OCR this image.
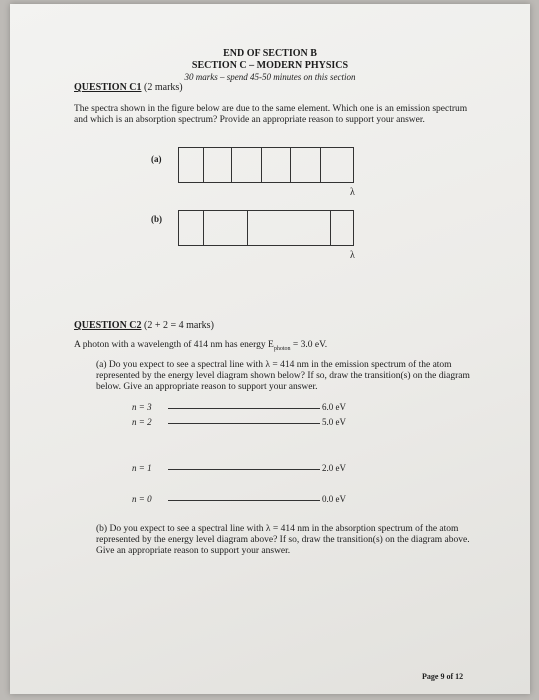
END OF SECTION B
SECTION C – MODERN PHYSICS
30 marks – spend 45-50 minutes on this section
QUESTION C1 (2 marks)
The spectra shown in the figure below are due to the same element. Which one is an emission spectrum and which is an absorption spectrum? Provide an appropriate reason to support your answer.
(a)
λ
(b)
λ
QUESTION C2 (2 + 2 = 4 marks)
A photon with a wavelength of 414 nm has energy $E_{photon} = 3.0$ eV.
(a) Do you expect to see a spectral line with λ = 414 nm in the emission spectrum of the atom represented by the energy level diagram shown below? If so, draw the transition(s) on the diagram below. Give an appropriate reason to support your answer.
n = 3	6.0 eV
n = 2	5.0 eV
n = 1	2.0 eV
n = 0	0.0 eV
(b) Do you expect to see a spectral line with λ = 414 nm in the absorption spectrum of the atom represented by the energy level diagram above? If so, draw the transition(s) on the diagram above. Give an appropriate reason to support your answer.
Page 9 of 12
